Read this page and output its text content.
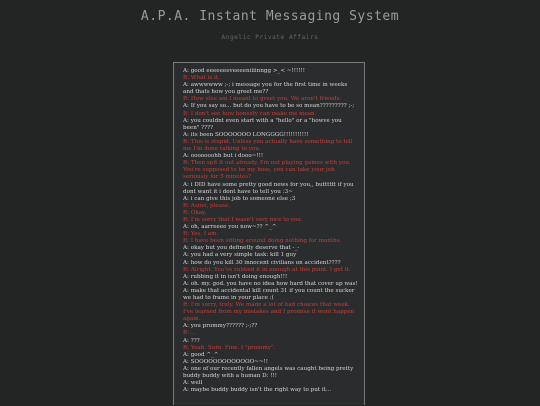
A.P.A. Instant Messaging System
Angelic Private Affairs
A: good eeeeeeeveeeeniiiinngg >_< ~!!!!!!
R: What is it.
A: awwwwww ;-; i message you for the first time in weeks and thats how you greet me??
R: How else am I meant to greet you. We aren't friends.
A: If you say so... but do you have to be so mean????????? ;-;
R: I don't see how honesty can make me mean.
A: you couldnt even start with a "hello" or a "howve you been" ????
A: its been SOOOOOOO LONGGGG!!!!!!!!!!!
R: This is stupid. Unless you actually have something to tell me I'm done talking to you.
A: ooooooohh but i dooo~!!!
R: Then spit it out already. I'm not playing games with you. You're supposed to be my boss, you can take your job seriously for 5 minutes?
A: i DID have some pretty good news for you,, butttttt if you dont want it i dont have to tell you :3~
A: i can give this job to someone else ;3
R: Asmo, please.
R: Okay.
R: I'm sorry that I wasn't very nice to you.
A: oh, aarreeee you now~?? ^_^
R: Yes, I am.
R: I have been sitting around doing nothing for months.
A: okay but you definetly deserve that -_-
A: you had a very simple task: kill 1 guy
A: how do you kill 30 innocent civilians on accident????
R: Alright. You've rubbed it in enough at this point. I get it.
A: rubbing it in isn't doing enough!!!
A: oh. my. god. you have no idea how hard that cover up was!
A: make that accidental kill count 31 if you count the sucker we had to frame in your place :(
R: I'm sorry, truly. We made a lot of bad choices that week. I've learned from my mistakes and I promise it wont happen again.
A: you prommy?????? ;-;??
R: ...
A: ???
R: Yeah. Sure. Fine. I "prommy".
A: good ^_^
A: SOOOOOOOOOOOOO~~!!
A: one of our recently fallen angels was caught being pretty buddy buddy with a human D: !!!
A: well
A: maybe buddy buddy isn't the right way to put it...
